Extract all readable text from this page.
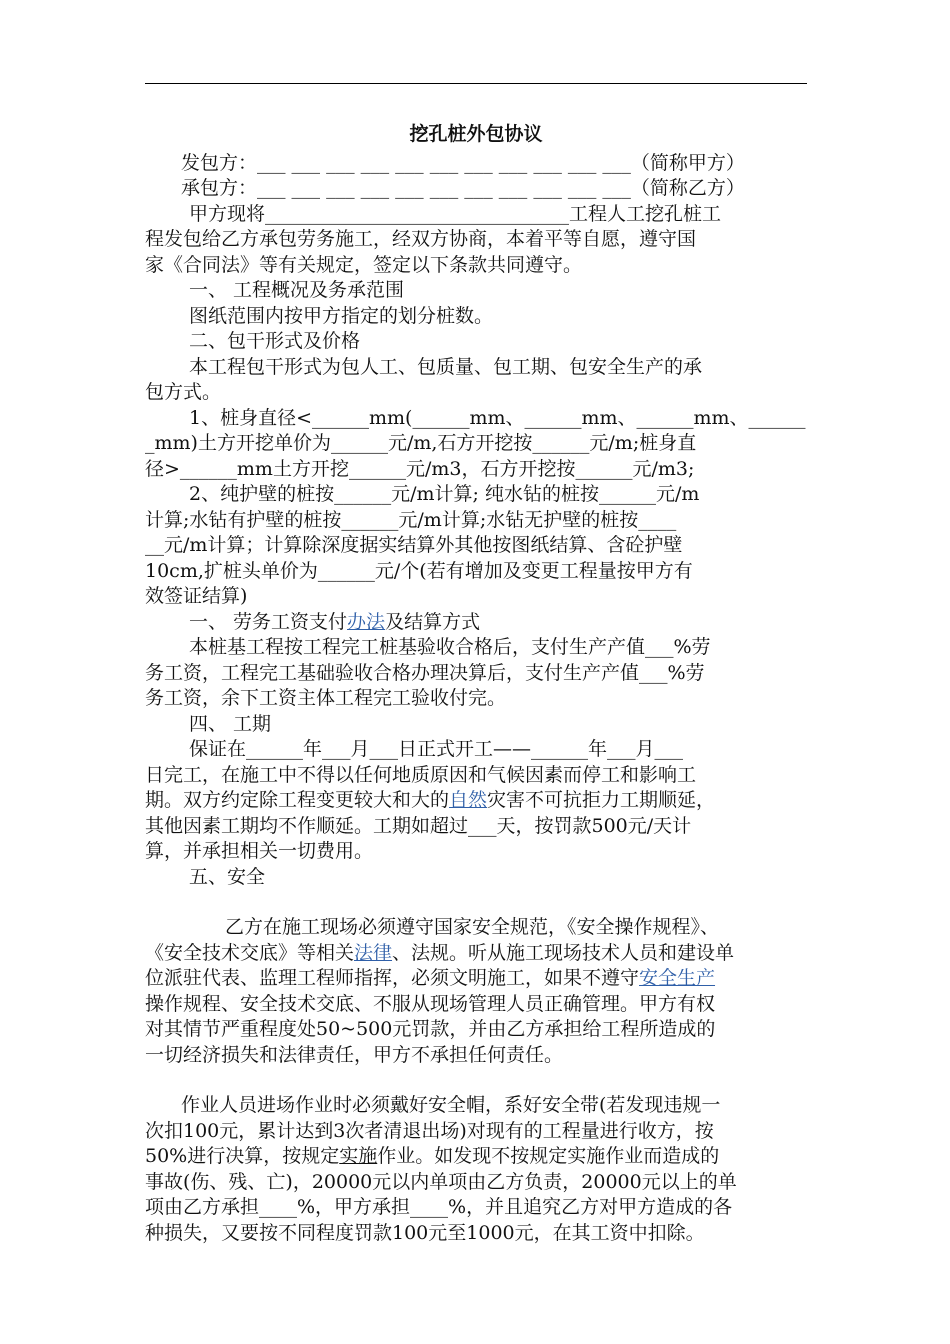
挖孔桩外包协议
发包方：___ ___ ___ ___ ___ ___ ___ ___ ___ ___ ___（简称甲方）
承包方：___ ___ ___ ___ ___ ___ ___ ___ ___ ___ ___（简称乙方）
甲方现将________________________________工程人工挖孔桩工
程发包给乙方承包劳务施工，经双方协商，本着平等自愿，遵守国
家《合同法》等有关规定，签定以下条款共同遵守。
一、 工程概况及务承范围
图纸范围内按甲方指定的划分桩数。
二、包干形式及价格
本工程包干形式为包人工、包质量、包工期、包安全生产的承
包方式。
1、桩身直径<______mm(______mm、______mm、______mm、______
_mm)土方开挖单价为______元/m,石方开挖按______元/m;桩身直
径>______mm土方开挖______元/m3，石方开挖按______元/m3;
2、纯护壁的桩按______元/m计算; 纯水钻的桩按______元/m
计算;水钻有护壁的桩按______元/m计算;水钻无护壁的桩按____
__元/m计算；计算除深度据实结算外其他按图纸结算、含砼护壁
10cm,扩桩头单价为______元/个(若有增加及变更工程量按甲方有
效签证结算)
一、 劳务工资支付办法及结算方式
本桩基工程按工程完工桩基验收合格后，支付生产产值___%劳
务工资，工程完工基础验收合格办理决算后，支付生产产值___%劳
务工资，余下工资主体工程完工验收付完。
四、 工期
保证在______年___月___日正式开工——______年___月___
日完工，在施工中不得以任何地质原因和气候因素而停工和影响工
期。双方约定除工程变更较大和大的自然灾害不可抗拒力工期顺延，
其他因素工期均不作顺延。工期如超过___天，按罚款500元/天计
算，并承担相关一切费用。
五、安全
乙方在施工现场必须遵守国家安全规范，《安全操作规程》、
《安全技术交底》等相关法律、法规。听从施工现场技术人员和建设单
位派驻代表、监理工程师指挥，必须文明施工，如果不遵守安全生产
操作规程、安全技术交底、不服从现场管理人员正确管理。甲方有权
对其情节严重程度处50~500元罚款，并由乙方承担给工程所造成的
一切经济损失和法律责任，甲方不承担任何责任。
作业人员进场作业时必须戴好安全帽，系好安全带(若发现违规一
次扣100元，累计达到3次者清退出场)对现有的工程量进行收方，按
50%进行决算，按规定实施作业。如发现不按规定实施作业而造成的
事故(伤、残、亡)，20000元以内单项由乙方负责，20000元以上的单
项由乙方承担____%，甲方承担____%，并且追究乙方对甲方造成的各
种损失，又要按不同程度罚款100元至1000元，在其工资中扣除。
